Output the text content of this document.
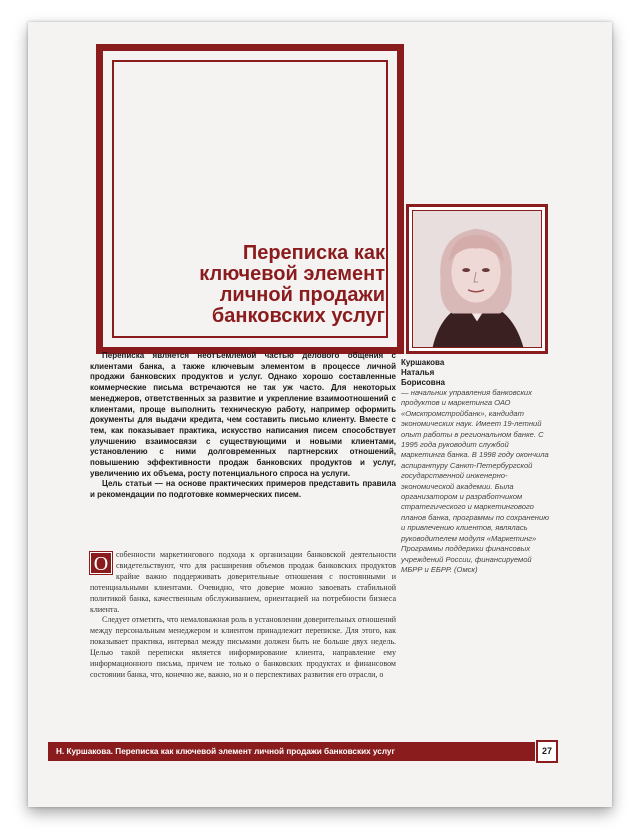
Переписка как ключевой элемент личной продажи банковских услуг

Переписка является неотъемлемой частью делового общения с клиентами банка, а также ключевым элементом в процессе личной продажи банковских продуктов и услуг. Однако хорошо составленные коммерческие письма встречаются не так уж часто. Для некоторых менеджеров, ответственных за развитие и укрепление взаимоотношений с клиентами, проще выполнить техническую работу, например оформить документы для выдачи кредита, чем составить письмо клиенту. Вместе с тем, как показывает практика, искусство написания писем способствует улучшению взаимосвязи с существующими и новыми клиентами, установлению с ними долговременных партнерских отношений, повышению эффективности продаж банковских продуктов и услуг, увеличению их объема, росту потенциального спроса на услуги.

Цель статьи — на основе практических примеров представить правила и рекомендации по подготовке коммерческих писем.

Куршакова
Наталья
Борисовна
— начальник управления банковских продуктов и маркетинга ОАО «Омскпромстройбанк», кандидат экономических наук. Имеет 19-летний опыт работы в региональном банке. С 1995 года руководит службой маркетинга банка. В 1998 году окончила аспирантуру Санкт-Петербургской государственной инженерно-экономической академии. Была организатором и разработчиком стратегического и маркетингового планов банка, программы по сохранению и привлечению клиентов, являлась руководителем модуля «Маркетинг» Программы поддержки финансовых учреждений России, финансируемой МБРР и ЕБРР. (Омск)

О собенности маркетингового подхода к организации банковской деятельности свидетельствуют, что для расширения объемов продаж банковских продуктов крайне важно поддерживать доверительные отношения с постоянными и потенциальными клиентами. Очевидно, что доверие можно завоевать стабильной политикой банка, качественным обслуживанием, ориентацией на потребности бизнеса клиента.

Следует отметить, что немаловажная роль в установлении доверительных отношений между персональным менеджером и клиентом принадлежит переписке. Для этого, как показывает практика, интервал между письмами должен быть не больше двух недель. Целью такой переписки является информирование клиента, направление ему информационного письма, причем не только о банковских продуктах и финансовом состоянии банка, что, конечно же, важно, но и о перспективах развития его отрасли, о

Н. Куршакова. Переписка как ключевой элемент личной продажи банковских услуг	27
